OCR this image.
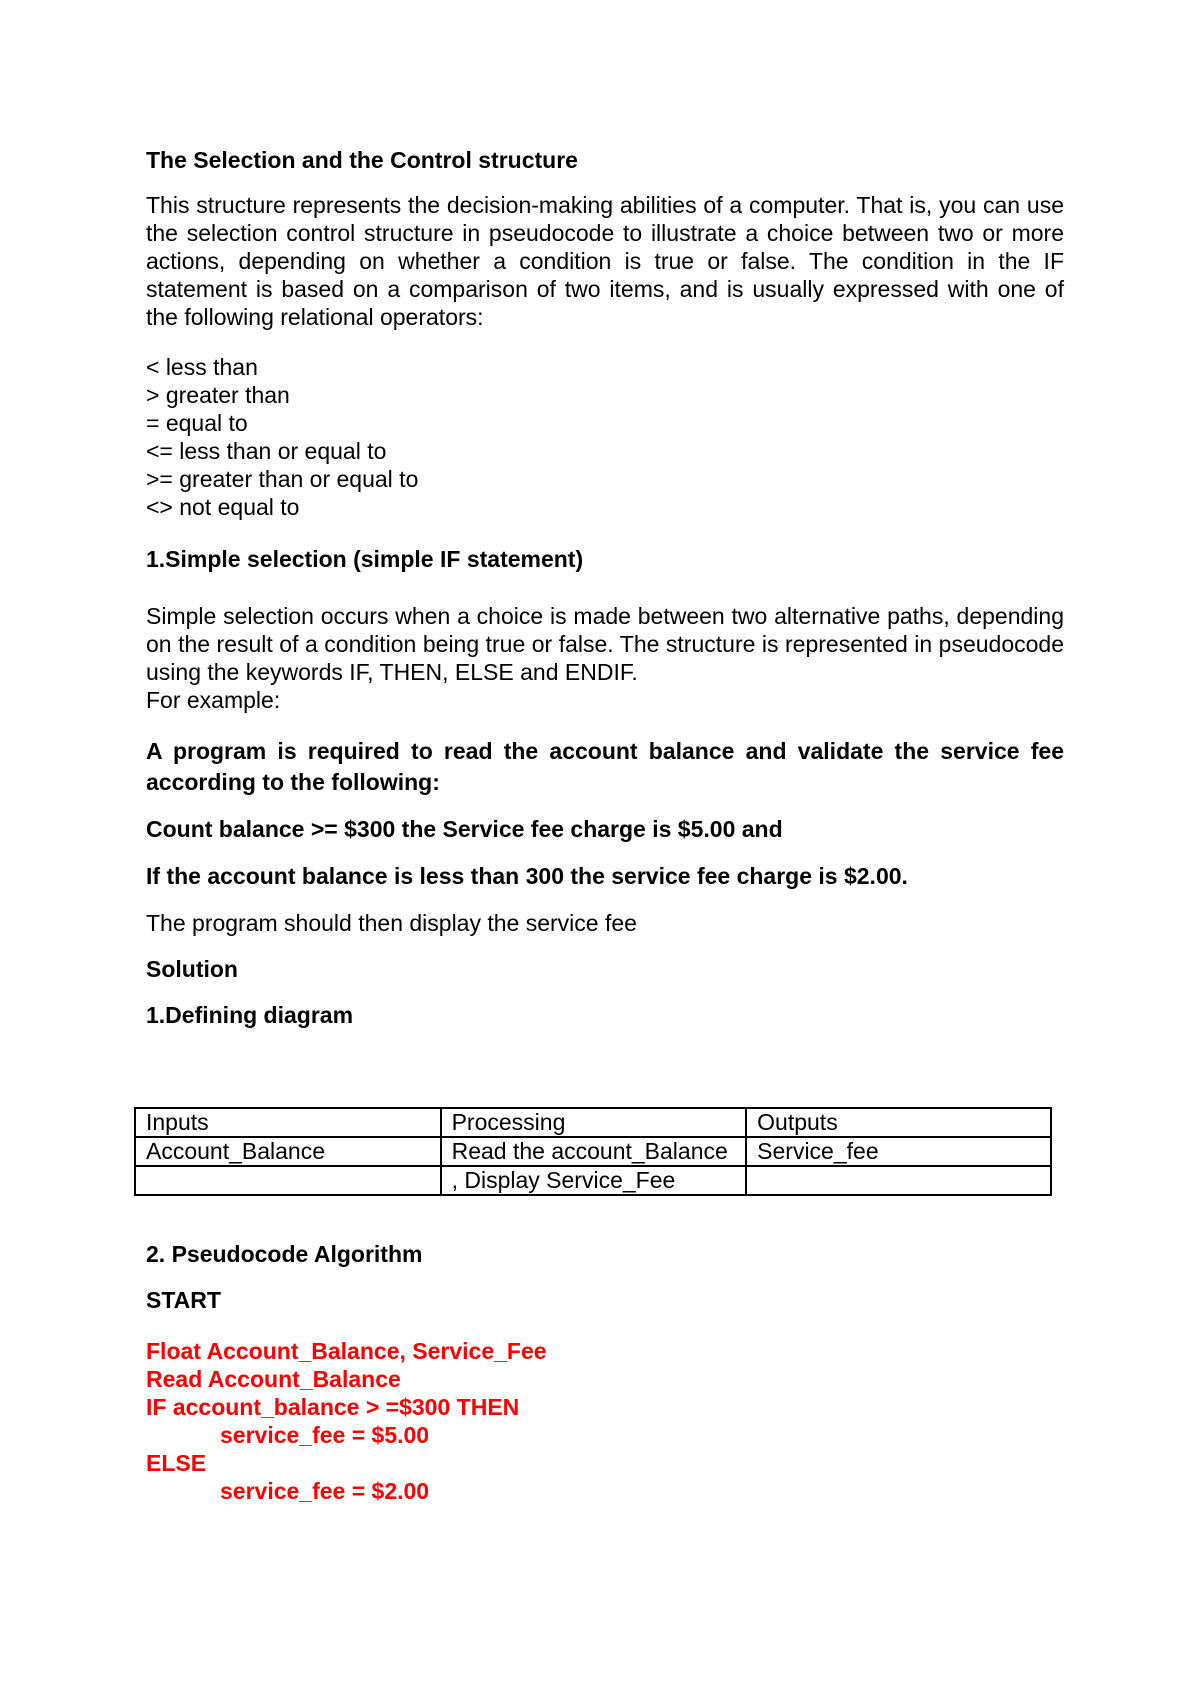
The Selection and the Control structure

This structure represents the decision-making abilities of a computer. That is, you can use the selection control structure in pseudocode to illustrate a choice between two or more actions, depending on whether a condition is true or false. The condition in the IF statement is based on a comparison of two items, and is usually expressed with one of the following relational operators:

< less than
> greater than
= equal to
<= less than or equal to
>= greater than or equal to
<> not equal to

1.Simple selection (simple IF statement)

Simple selection occurs when a choice is made between two alternative paths, depending on the result of a condition being true or false. The structure is represented in pseudocode using the keywords IF, THEN, ELSE and ENDIF.

For example:

A program is required to read the account balance and validate the service fee according to the following:

Count balance >= $300 the Service fee charge is $5.00 and

If the account balance is less than 300 the service fee charge is $2.00.

The program should then display the service fee

Solution

1.Defining diagram

Inputs	Processing	Outputs
Account_Balance	Read the account_Balance	Service_fee
	, Display Service_Fee	

2. Pseudocode Algorithm

START

Float Account_Balance, Service_Fee
Read Account_Balance
IF account_balance > =$300 THEN
service_fee = $5.00
ELSE
service_fee = $2.00
